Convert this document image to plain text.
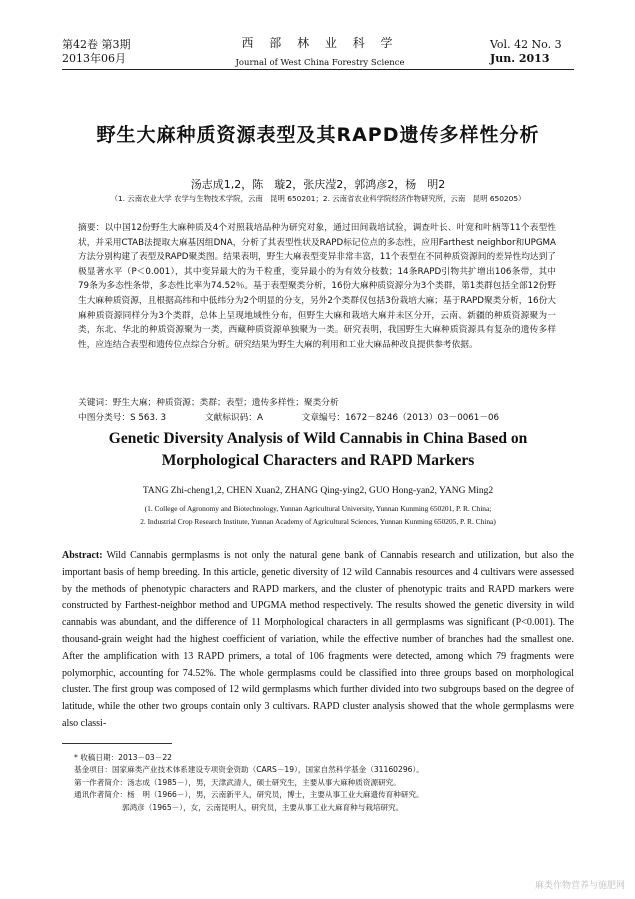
第42卷 第3期
2013年06月
西 部 林 业 科 学
Journal of West China Forestry Science
Vol. 42 No. 3
Jun. 2013
野生大麻种质资源表型及其RAPD遗传多样性分析
汤志成1,2，陈　璇2，张庆滢2，郭鸿彦2，杨　明2
（1. 云南农业大学 农学与生物技术学院，云南　昆明 650201；2. 云南省农业科学院经济作物研究所，云南　昆明 650205）
摘要：以中国12份野生大麻种质及4个对照栽培品种为研究对象，通过田间栽培试验，调查叶长、叶宽和叶柄等11个表型性状，并采用CTAB法提取大麻基因组DNA，分析了其表型性状及RAPD标记位点的多态性，应用Farthest neighbor和UPGMA方法分别构建了表型及RAPD聚类图。结果表明，野生大麻表型变异非常丰富，11个表型在不同种质资源间的差异性均达到了极显著水平（P＜0.001），其中变异最大的为千粒重，变异最小的为有效分枝数；14条RAPD引物共扩增出106条带，其中79条为多态性条带，多态性比率为74.52％。基于表型聚类分析，16份大麻种质资源分为3个类群，第1类群包括全部12份野生大麻种质资源，且根据高纬和中低纬分为2个明显的分支，另外2个类群仅包括3份栽培大麻；基于RAPD聚类分析，16份大麻种质资源同样分为3个类群，总体上呈现地域性分布，但野生大麻和栽培大麻并未区分开，云南、新疆的种质资源聚为一类，东北、华北的种质资源聚为一类，西藏种质资源单独聚为一类。研究表明，我国野生大麻种质资源具有复杂的遗传多样性，应连结合表型和遗传位点综合分析。研究结果为野生大麻的利用和工业大麻品种改良提供参考依据。
关键词：野生大麻；种质资源；类群；表型；遗传多样性；聚类分析
中图分类号：S 563. 3	文献标识码：A	文章编号：1672－8246（2013）03－0061－06
Genetic Diversity Analysis of Wild Cannabis in China Based on Morphological Characters and RAPD Markers
TANG Zhi-cheng1,2, CHEN Xuan2, ZHANG Qing-ying2, GUO Hong-yan2, YANG Ming2
(1. College of Agronomy and Biotechnology, Yunnan Agricultural University, Yunnan Kunming 650201, P. R. China;
2. Industrial Crop Research Institute, Yunnan Academy of Agricultural Sciences, Yunnan Kunming 650205, P. R. China)
Abstract: Wild Cannabis germplasms is not only the natural gene bank of Cannabis research and utilization, but also the important basis of hemp breeding. In this article, genetic diversity of 12 wild Cannabis resources and 4 cultivars were assessed by the methods of phenotypic characters and RAPD markers, and the cluster of phenotypic traits and RAPD markers were constructed by Farthest-neighbor method and UPGMA method respectively. The results showed the genetic diversity in wild cannabis was abundant, and the difference of 11 Morphological characters in all germplasms was significant (P<0.001). The thousand-grain weight had the highest coefficient of variation, while the effective number of branches had the smallest one. After the amplification with 13 RAPD primers, a total of 106 fragments were detected, among which 79 fragments were polymorphic, accounting for 74.52%. The whole germplasms could be classified into three groups based on morphological cluster. The first group was composed of 12 wild germplasms which further divided into two subgroups based on the degree of latitude, while the other two groups contain only 3 cultivars. RAPD cluster analysis showed that the whole germplasms were also classi-
* 收稿日期：2013－03－22
基金项目：国家麻类产业技术体系建设专项资金资助（CARS－19），国家自然科学基金（31160296）。
第一作者简介：汤志成（1985－），男，天津武清人，硕士研究生，主要从事大麻种质资源研究。
通讯作者简介：杨　明（1966－），男，云南新平人，研究员，博士，主要从事工业大麻遗传育种研究。
郭鸿彦（1965－），女，云南昆明人，研究员，主要从事工业大麻育种与栽培研究。
麻类作物营养与施肥网
